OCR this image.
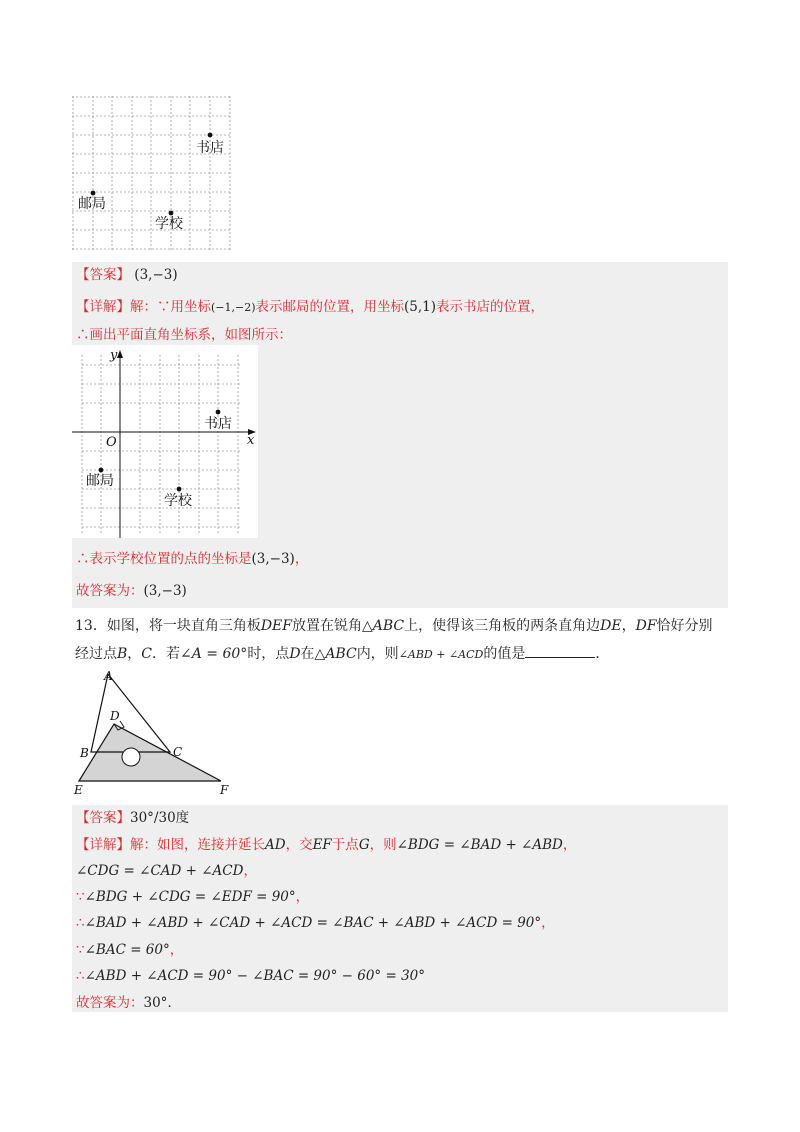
书店
邮局
学校
【答案】 (3,−3)
【详解】解：∵用坐标(−1,−2)表示邮局的位置，用坐标(5,1)表示书店的位置，
∴画出平面直角坐标系，如图所示：
y
x
O
书店
邮局
学校
∴表示学校位置的点的坐标是(3,−3)，
故答案为：(3,−3)
13．如图，将一块直角三角板DEF放置在锐角△ABC上，使得该三角板的两条直角边DE，DF恰好分别
经过点B，C．若∠A = 60°时，点D在△ABC内，则∠ABD + ∠ACD的值是	．
A
D
B	C
E	F
【答案】30°/30度
【详解】解：如图，连接并延长AD，交EF于点G，则∠BDG = ∠BAD + ∠ABD，
∠CDG = ∠CAD + ∠ACD，
∵∠BDG + ∠CDG = ∠EDF = 90°，
∴∠BAD + ∠ABD + ∠CAD + ∠ACD = ∠BAC + ∠ABD + ∠ACD = 90°，
∵∠BAC = 60°，
∴∠ABD + ∠ACD = 90° − ∠BAC = 90° − 60° = 30°
故答案为：30°．
